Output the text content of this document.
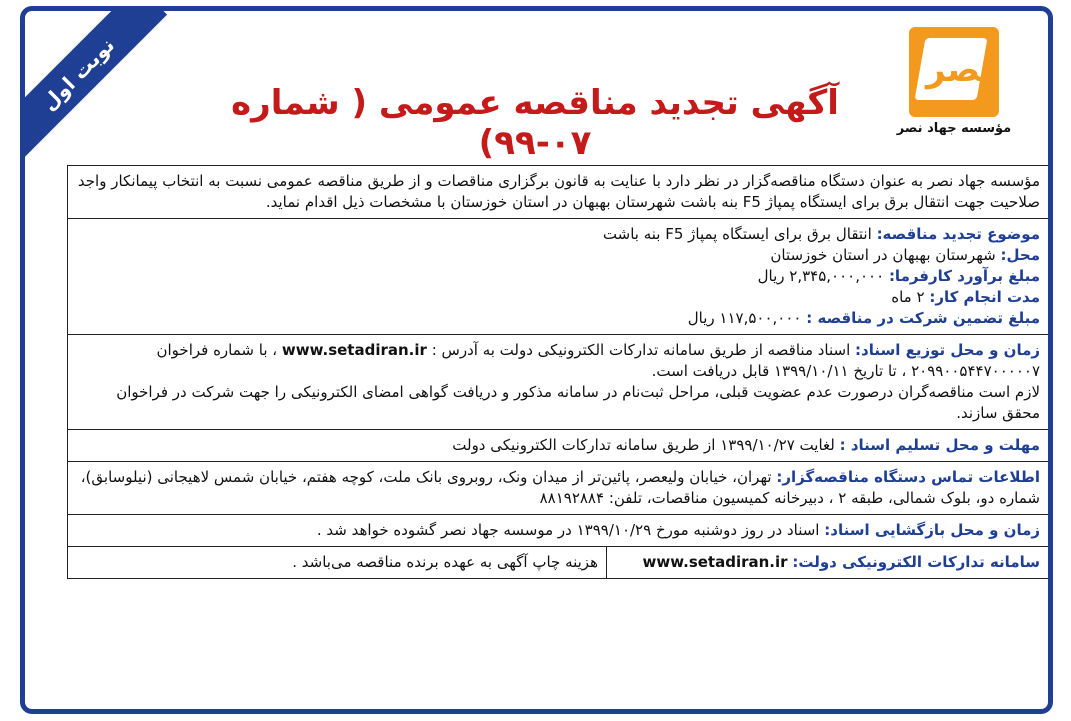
نوبت اول	نصر
مؤسسه جهاد نصر
آگهی تجدید مناقصه عمومی ( شماره ۰۷-۹۹)
مؤسسه جهاد نصر به عنوان دستگاه مناقصه‌گزار در نظر دارد با عنایت به قانون برگزاری مناقصات و از طریق مناقصه عمومی نسبت به انتخاب پیمانکار واجد صلاحیت جهت انتقال برق برای ایستگاه پمپاژ F5 بنه باشت شهرستان بهبهان در استان خوزستان با مشخصات ذیل اقدام نماید.
موضوع تجدید مناقصه: انتقال برق برای ایستگاه پمپاژ F5 بنه باشت
محل: شهرستان بهبهان در استان خوزستان
مبلغ برآورد کارفرما: ۲,۳۴۵,۰۰۰,۰۰۰ ریال
مدت انجام کار: ۲ ماه
مبلغ تضمین شرکت در مناقصه : ۱۱۷,۵۰۰,۰۰۰ ریال
زمان و محل توزیع اسناد: اسناد مناقصه از طریق سامانه تدارکات الکترونیکی دولت به آدرس : www.setadiran.ir ، با شماره فراخوان ۲۰۹۹۰۰۵۴۴۷۰۰۰۰۰۷ ، تا تاریخ ۱۳۹۹/۱۰/۱۱ قابل دریافت است.
لازم است مناقصه‌گران درصورت عدم عضویت قبلی، مراحل ثبت‌نام در سامانه مذکور و دریافت گواهی امضای الکترونیکی را جهت شرکت در فراخوان محقق سازند.
مهلت و محل تسلیم اسناد : لغایت ۱۳۹۹/۱۰/۲۷ از طریق سامانه تدارکات الکترونیکی دولت
اطلاعات تماس دستگاه مناقصه‌گزار: تهران، خیابان ولیعصر، پائین‌تر از میدان ونک، روبروی بانک ملت، کوچه هفتم، خیابان شمس لاهیجانی (نیلوسابق)، شماره دو، بلوک شمالی، طبقه ۲ ، دبیرخانه کمیسیون مناقصات، تلفن: ۸۸۱۹۲۸۸۴
زمان و محل بازگشایی اسناد: اسناد در روز دوشنبه مورخ ۱۳۹۹/۱۰/۲۹ در موسسه جهاد نصر گشوده خواهد شد .
سامانه تدارکات الکترونیکی دولت: www.setadiran.ir
هزینه چاپ آگهی به عهده برنده مناقصه می‌باشد .
